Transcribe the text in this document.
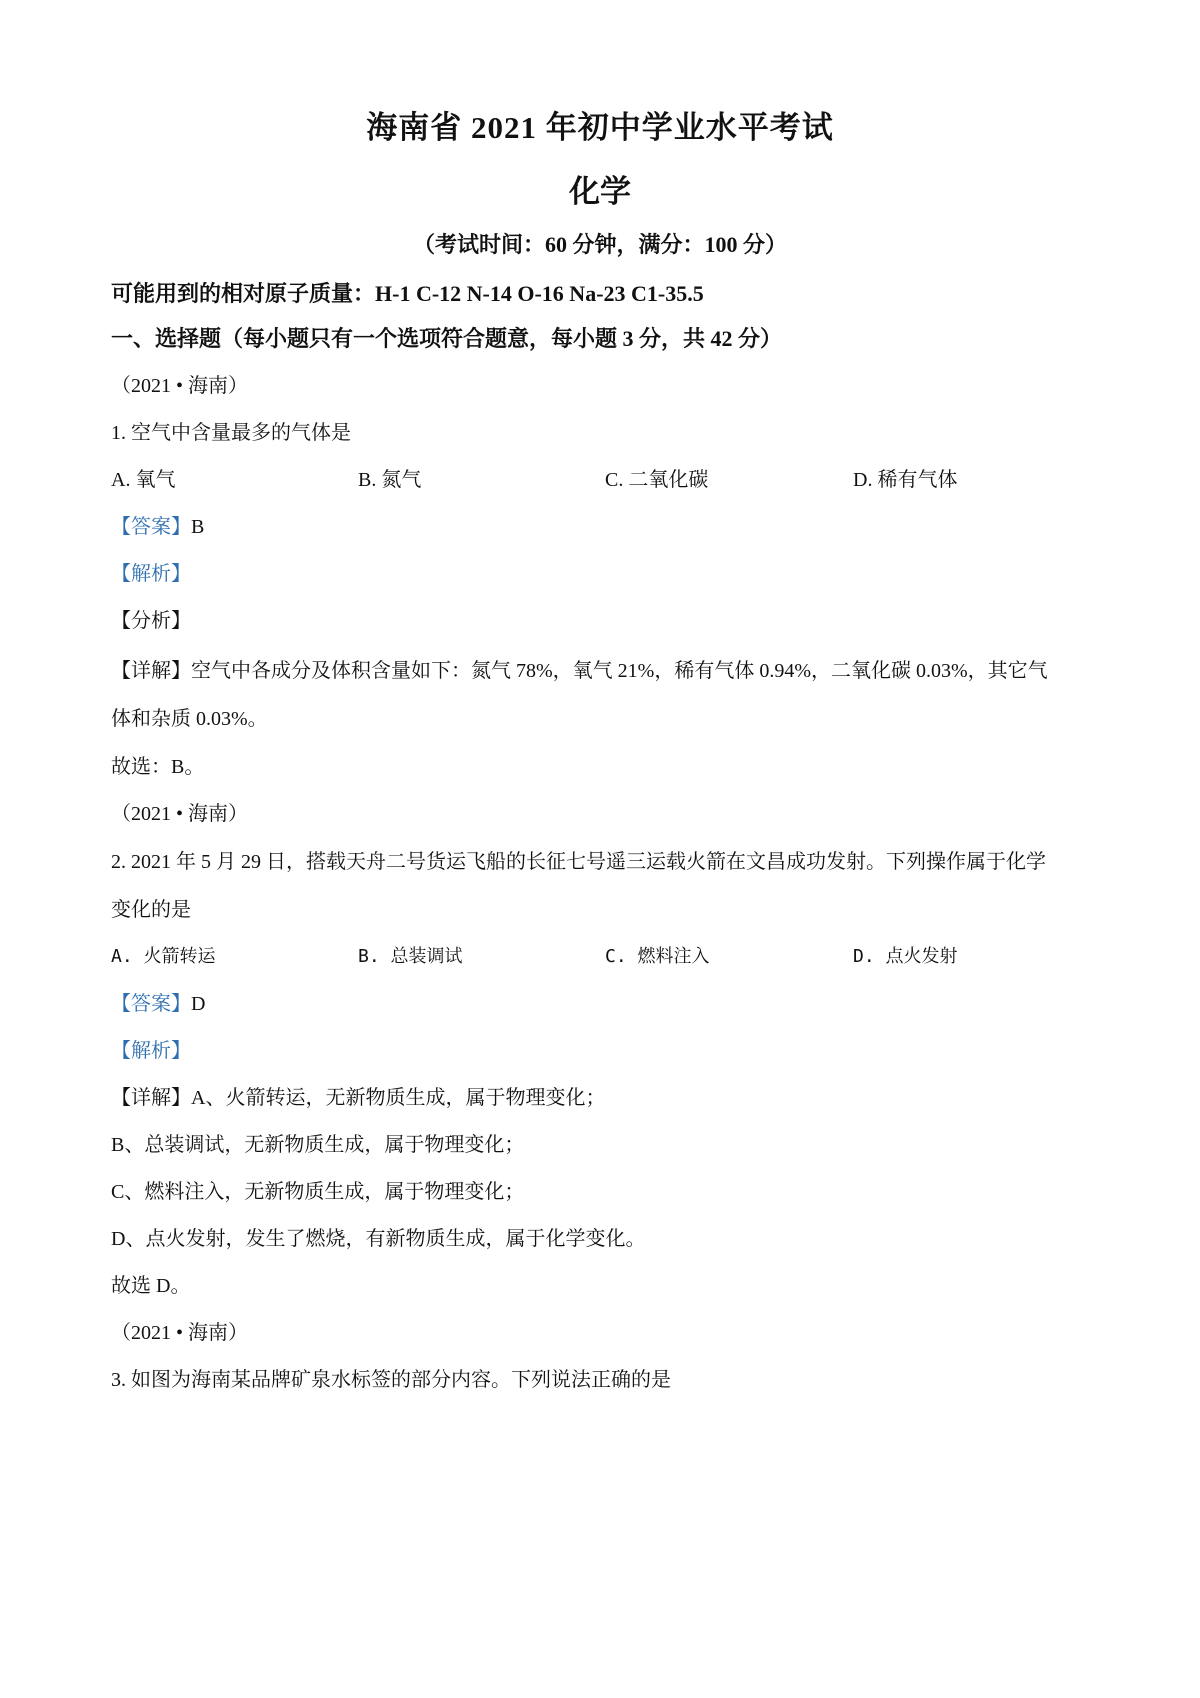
海南省 2021 年初中学业水平考试
化学
（考试时间：60 分钟，满分：100 分）
可能用到的相对原子质量：H-1 C-12 N-14 O-16 Na-23 C1-35.5
一、选择题（每小题只有一个选项符合题意，每小题 3 分，共 42 分）
（2021 • 海南）
1. 空气中含量最多的气体是
A. 氧气	B. 氮气	C. 二氧化碳	D. 稀有气体
【答案】B
【解析】
【分析】
【详解】空气中各成分及体积含量如下：氮气 78%，氧气 21%，稀有气体 0.94%，二氧化碳 0.03%，其它气
体和杂质 0.03%。
故选：B。
（2021 • 海南）
2. 2021 年 5 月 29 日，搭载天舟二号货运飞船的长征七号遥三运载火箭在文昌成功发射。下列操作属于化学
变化的是
A. 火箭转运	B. 总装调试	C. 燃料注入	D. 点火发射
【答案】D
【解析】
【详解】A、火箭转运，无新物质生成，属于物理变化；
B、总装调试，无新物质生成，属于物理变化；
C、燃料注入，无新物质生成，属于物理变化；
D、点火发射，发生了燃烧，有新物质生成，属于化学变化。
故选 D。
（2021 • 海南）
3. 如图为海南某品牌矿泉水标签的部分内容。下列说法正确的是
